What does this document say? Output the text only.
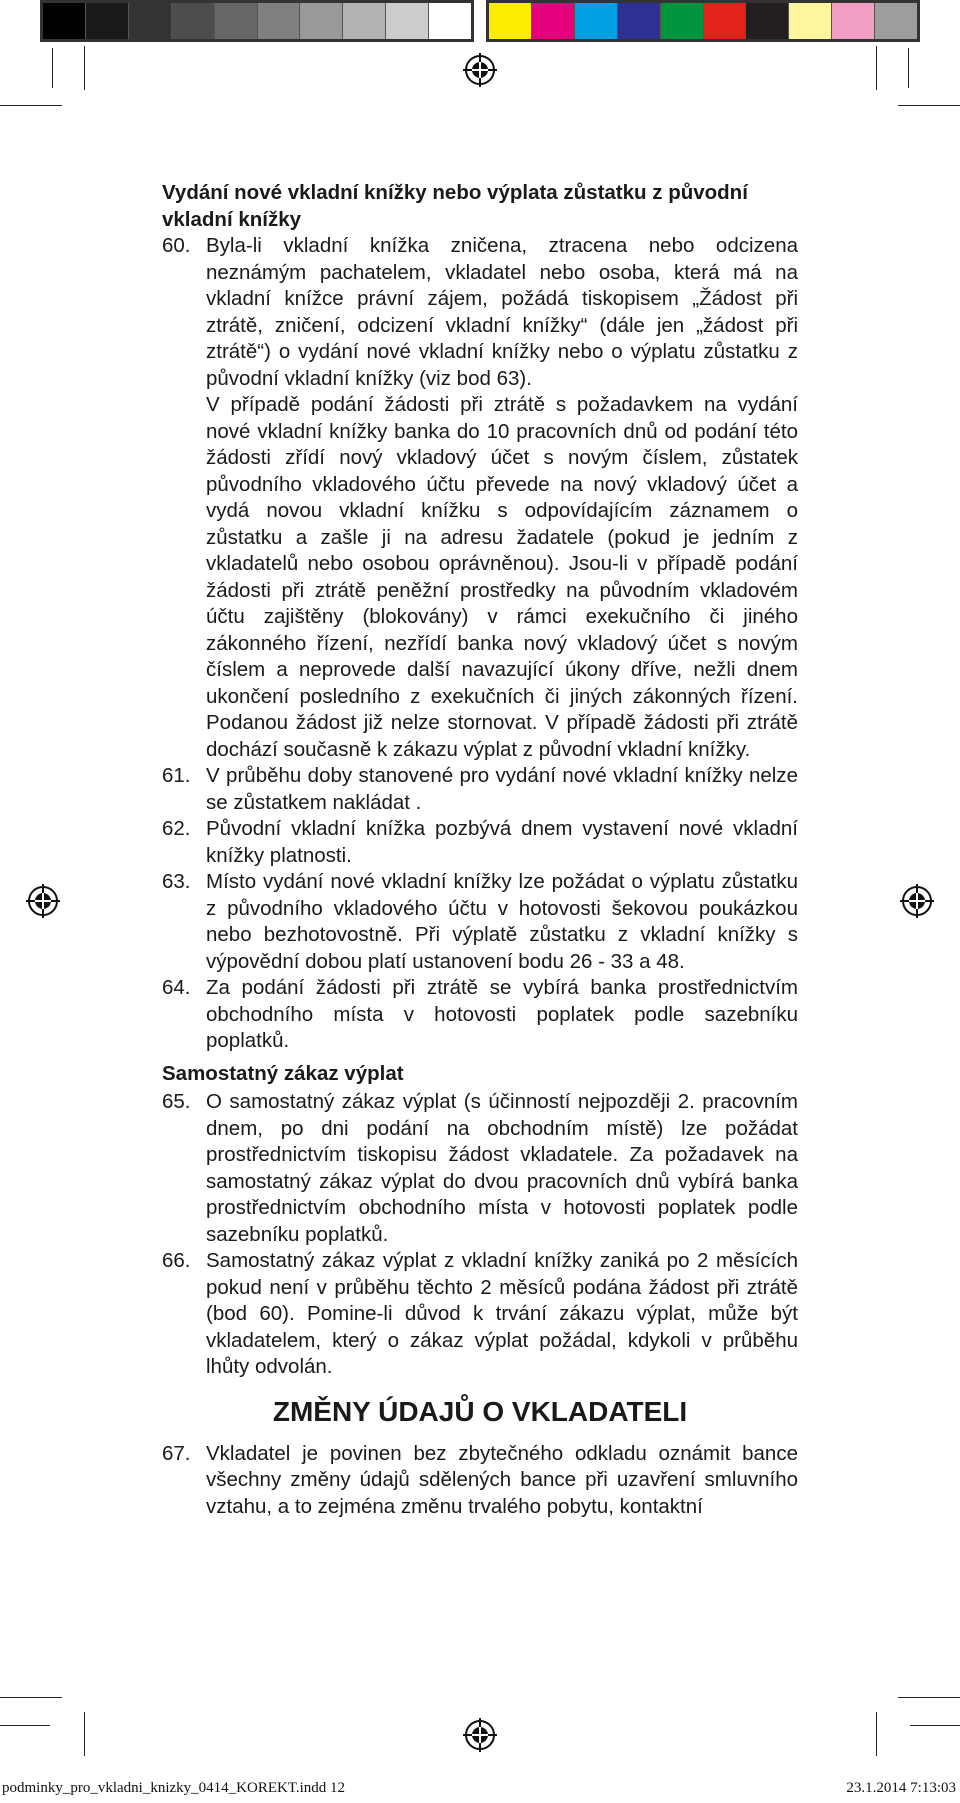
Vydání nové vkladní knížky nebo výplata zůstatku z původní vkladní knížky

60. Byla-li vkladní knížka zničena, ztracena nebo odcizena neznámým pachatelem, vkladatel nebo osoba, která má na vkladní knížce právní zájem, požádá tiskopisem „Žádost při ztrátě, zničení, odcizení vkladní knížky“ (dále jen „žádost při ztrátě“) o vydání nové vkladní knížky nebo o výplatu zůstatku z původní vkladní knížky (viz bod 63).
V případě podání žádosti při ztrátě s požadavkem na vydání nové vkladní knížky banka do 10 pracovních dnů od podání této žádosti zřídí nový vkladový účet s novým číslem, zůstatek původního vkladového účtu převede na nový vkladový účet a vydá novou vkladní knížku s odpovídajícím záznamem o zůstatku a zašle ji na adresu žadatele (pokud je jedním z vkladatelů nebo osobou oprávněnou). Jsou-li v případě podání žádosti při ztrátě peněžní prostředky na původním vkladovém účtu zajištěny (blokovány) v rámci exekučního či jiného zákonného řízení, nezřídí banka nový vkladový účet s novým číslem a neprovede další navazující úkony dříve, nežli dnem ukončení posledního z exekučních či jiných zákonných řízení. Podanou žádost již nelze stornovat. V případě žádosti při ztrátě dochází současně k zákazu výplat z původní vkladní knížky.
61. V průběhu doby stanovené pro vydání nové vkladní knížky nelze se zůstatkem nakládat .
62. Původní vkladní knížka pozbývá dnem vystavení nové vkladní knížky platnosti.
63. Místo vydání nové vkladní knížky lze požádat o výplatu zůstatku z původního vkladového účtu v hotovosti šekovou poukázkou nebo bezhotovostně. Při výplatě zůstatku z vkladní knížky s výpovědní dobou platí ustanovení bodu 26 - 33 a 48.
64. Za podání žádosti při ztrátě se vybírá banka prostřednictvím obchodního místa v hotovosti poplatek podle sazebníku poplatků.

Samostatný zákaz výplat

65. O samostatný zákaz výplat (s účinností nejpozději 2. pracovním dnem, po dni podání na obchodním místě) lze požádat prostřednictvím tiskopisu žádost vkladatele. Za požadavek na samostatný zákaz výplat do dvou pracovních dnů vybírá banka prostřednictvím obchodního místa v hotovosti poplatek podle sazebníku poplatků.
66. Samostatný zákaz výplat z vkladní knížky zaniká po 2 měsících pokud není v průběhu těchto 2 měsíců podána žádost při ztrátě (bod 60). Pomine-li důvod k trvání zákazu výplat, může být vkladatelem, který o zákaz výplat požádal, kdykoli v průběhu lhůty odvolán.
ZMĚNY ÚDAJŮ O VKLADATELI
67. Vkladatel je povinen bez zbytečného odkladu oznámit bance všechny změny údajů sdělených bance při uzavření smluvního vztahu, a to zejména změnu trvalého pobytu, kontaktní
podminky_pro_vkladni_knizky_0414_KOREKT.indd 12	23.1.2014 7:13:03
